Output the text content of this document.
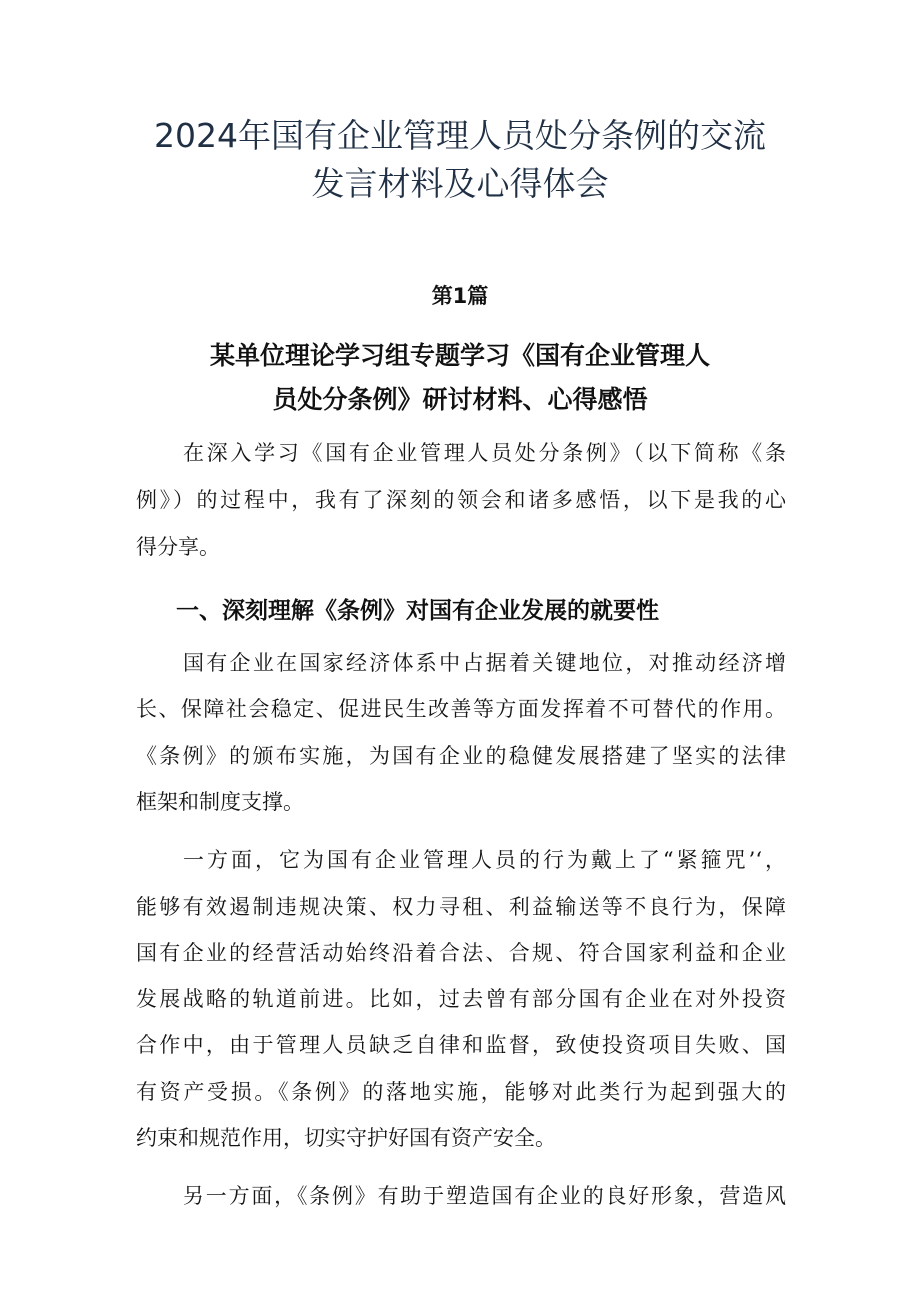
2024年国有企业管理人员处分条例的交流
发言材料及心得体会
第1篇
某单位理论学习组专题学习《国有企业管理人
员处分条例》研讨材料、心得感悟
在深入学习《国有企业管理人员处分条例》（以下简称《条
例》）的过程中，我有了深刻的领会和诸多感悟，以下是我的心
得分享。
一、深刻理解《条例》对国有企业发展的就要性
国有企业在国家经济体系中占据着关键地位，对推动经济增
长、保障社会稳定、促进民生改善等方面发挥着不可替代的作用。
《条例》的颁布实施，为国有企业的稳健发展搭建了坚实的法律
框架和制度支撑。
一方面，它为国有企业管理人员的行为戴上了“紧箍咒’‘，
能够有效遏制违规决策、权力寻租、利益输送等不良行为，保障
国有企业的经营活动始终沿着合法、合规、符合国家利益和企业
发展战略的轨道前进。比如，过去曾有部分国有企业在对外投资
合作中，由于管理人员缺乏自律和监督，致使投资项目失败、国
有资产受损。《条例》的落地实施，能够对此类行为起到强大的
约束和规范作用，切实守护好国有资产安全。
另一方面，《条例》有助于塑造国有企业的良好形象，营造风
